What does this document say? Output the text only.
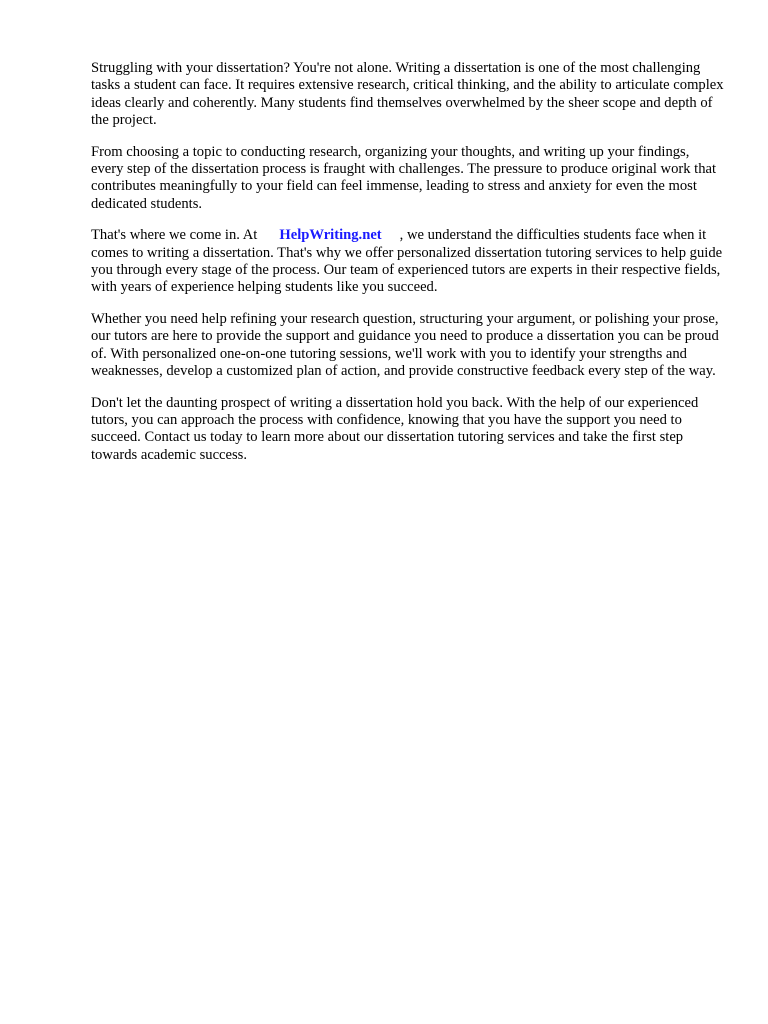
Struggling with your dissertation? You're not alone. Writing a dissertation is one of the most challenging tasks a student can face. It requires extensive research, critical thinking, and the ability to articulate complex ideas clearly and coherently. Many students find themselves overwhelmed by the sheer scope and depth of the project.

From choosing a topic to conducting research, organizing your thoughts, and writing up your findings, every step of the dissertation process is fraught with challenges. The pressure to produce original work that contributes meaningfully to your field can feel immense, leading to stress and anxiety for even the most dedicated students.

That's where we come in. At HelpWriting.net , we understand the difficulties students face when it comes to writing a dissertation. That's why we offer personalized dissertation tutoring services to help guide you through every stage of the process. Our team of experienced tutors are experts in their respective fields, with years of experience helping students like you succeed.

Whether you need help refining your research question, structuring your argument, or polishing your prose, our tutors are here to provide the support and guidance you need to produce a dissertation you can be proud of. With personalized one-on-one tutoring sessions, we'll work with you to identify your strengths and weaknesses, develop a customized plan of action, and provide constructive feedback every step of the way.

Don't let the daunting prospect of writing a dissertation hold you back. With the help of our experienced tutors, you can approach the process with confidence, knowing that you have the support you need to succeed. Contact us today to learn more about our dissertation tutoring services and take the first step towards academic success.
